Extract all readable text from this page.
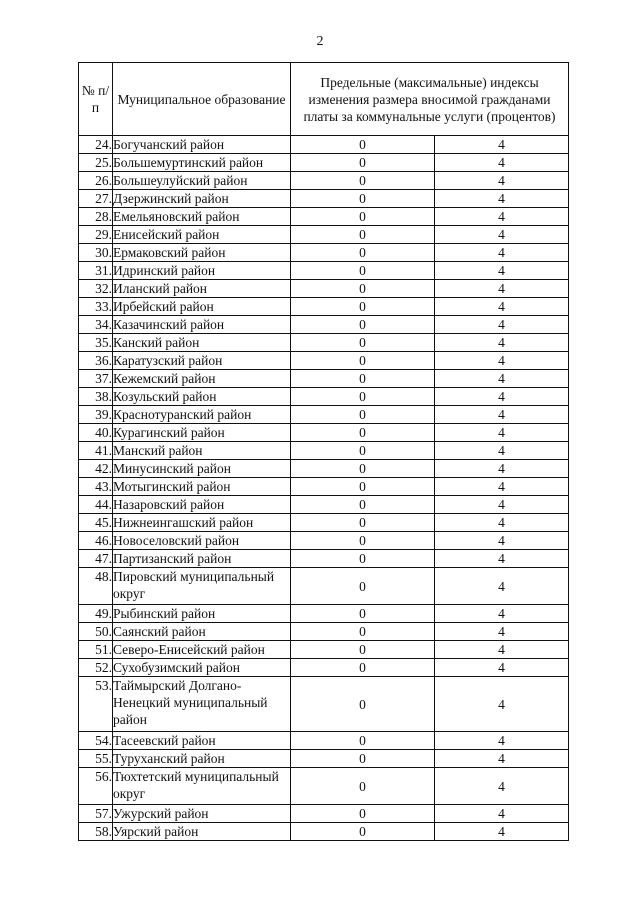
2
№ п/п	Муниципальное образование	Предельные (максимальные) индексы изменения размера вносимой гражданами платы за коммунальные услуги (процентов)	
24.	Богучанский район	0	4
25.	Большемуртинский район	0	4
26.	Большеулуйский район	0	4
27.	Дзержинский район	0	4
28.	Емельяновский район	0	4
29.	Енисейский район	0	4
30.	Ермаковский район	0	4
31.	Идринский район	0	4
32.	Иланский район	0	4
33.	Ирбейский район	0	4
34.	Казачинский район	0	4
35.	Канский район	0	4
36.	Каратузский район	0	4
37.	Кежемский район	0	4
38.	Козульский район	0	4
39.	Краснотуранский район	0	4
40.	Курагинский район	0	4
41.	Манский район	0	4
42.	Минусинский район	0	4
43.	Мотыгинский район	0	4
44.	Назаровский район	0	4
45.	Нижнеингашский район	0	4
46.	Новоселовский район	0	4
47.	Партизанский район	0	4
48.	Пировский муниципальный округ	0	4
49.	Рыбинский район	0	4
50.	Саянский район	0	4
51.	Северо-Енисейский район	0	4
52.	Сухобузимский район	0	4
53.	Таймырский Долгано-Ненецкий муниципальный район	0	4
54.	Тасеевский район	0	4
55.	Туруханский район	0	4
56.	Тюхтетский муниципальный округ	0	4
57.	Ужурский район	0	4
58.	Уярский район	0	4
